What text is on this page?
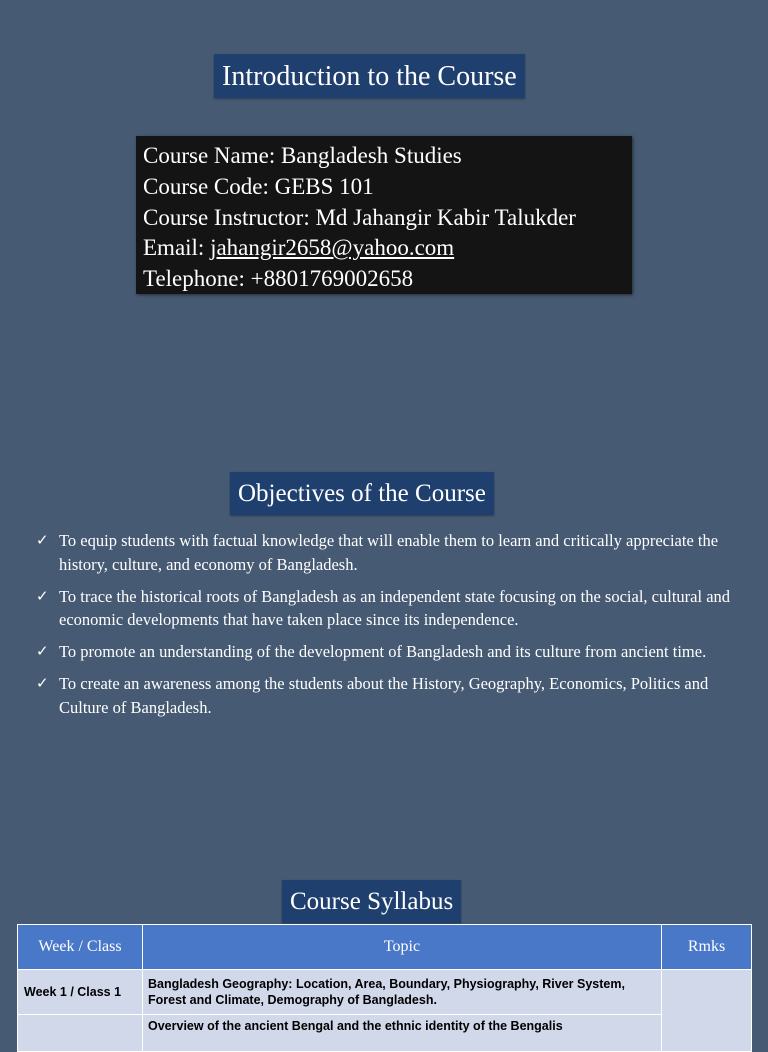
Introduction to the Course
Course Name: Bangladesh Studies
Course Code: GEBS 101
Course Instructor: Md Jahangir Kabir Talukder
Email: jahangir2658@yahoo.com
Telephone: +8801769002658
Objectives of the Course
✓ To equip students with factual knowledge that will enable them to learn and critically appreciate the history, culture, and economy of Bangladesh.
✓ To trace the historical roots of Bangladesh as an independent state focusing on the social, cultural and economic developments that have taken place since its independence.
✓ To promote an understanding of the development of Bangladesh and its culture from ancient time.
✓ To create an awareness among the students about the History, Geography, Economics, Politics and Culture of Bangladesh.
Course Syllabus
Week / Class	Topic	Rmks
Week 1 / Class 1	Bangladesh Geography: Location, Area, Boundary, Physiography, River System, Forest and Climate, Demography of Bangladesh.	
	Overview of the ancient Bengal and the ethnic identity of the Bengalis	
